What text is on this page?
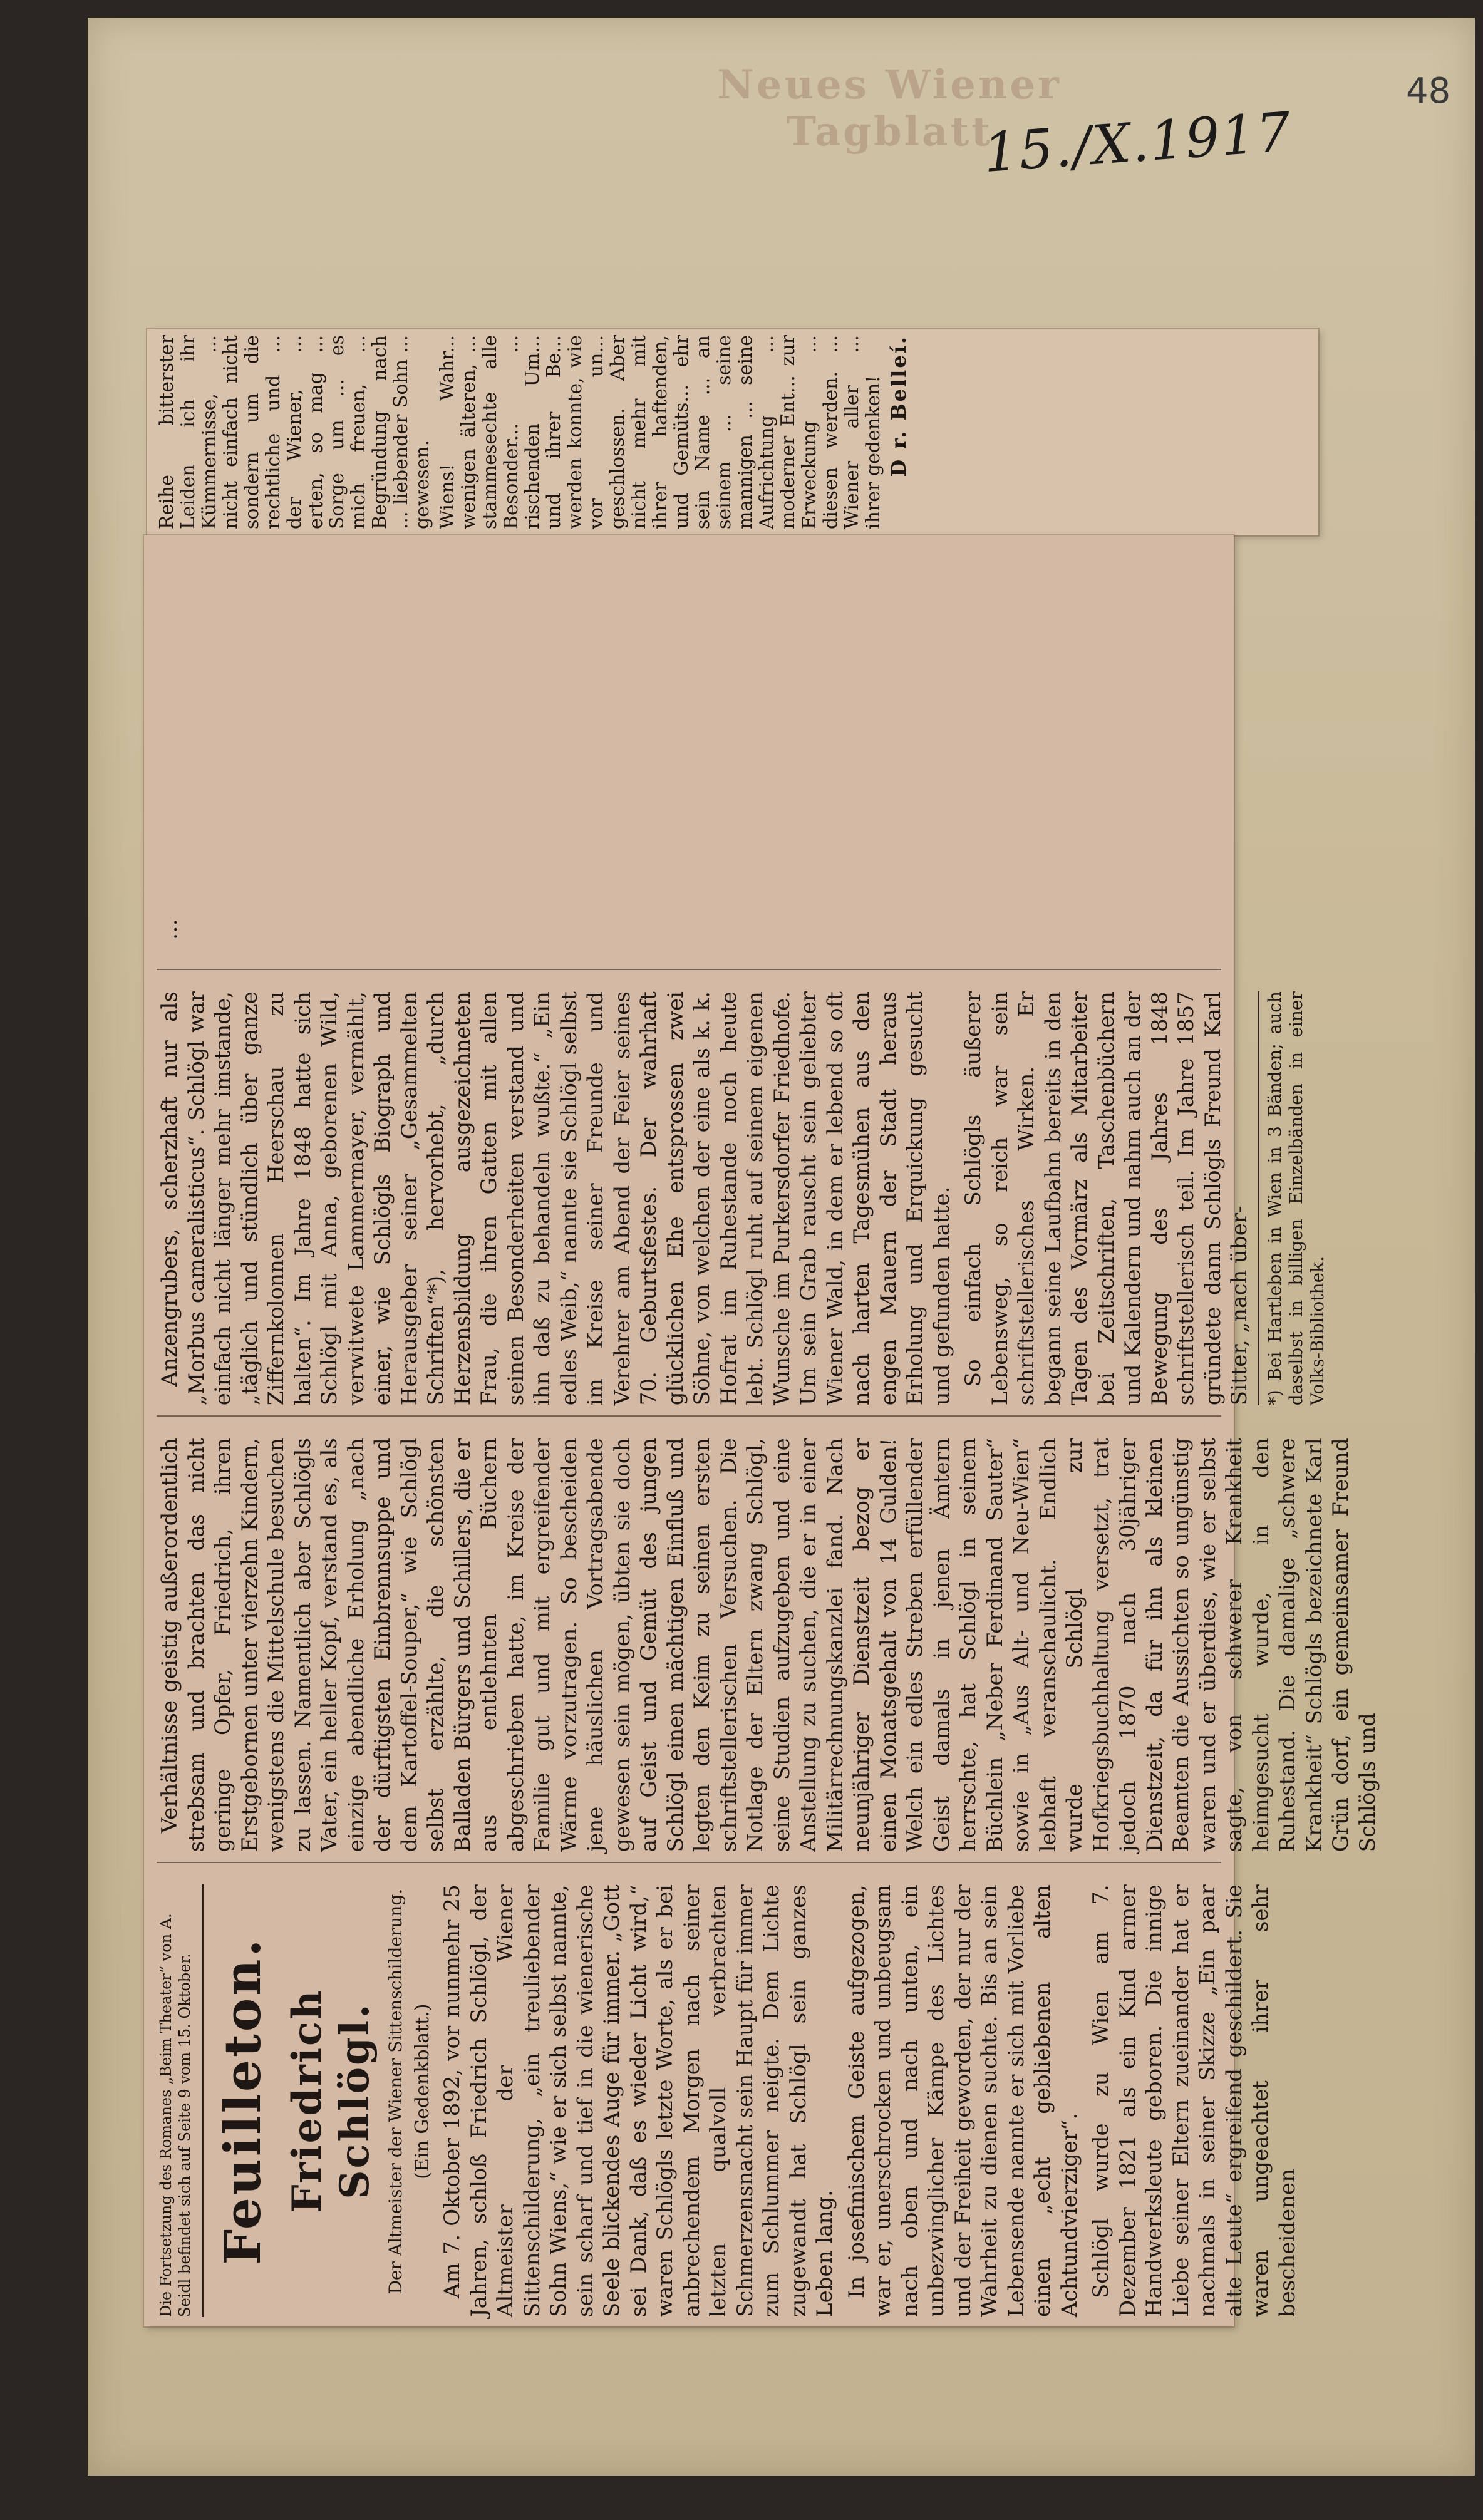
Neues Wiener Tagblatt
48
15./X.1917

Reihe bitterster Leiden ich ihr Kümmernisse, ... nicht einfach nicht sondern um die rechtliche und ... der Wiener, ... erten, so mag ... Sorge um ... es mich freuen, ... Begründung nach ... liebender Sohn ... gewesen. Wiens! Wahr... wenigen älteren, ... stammesechte alle Besonder... ... rischenden Um... und ihrer Be... werden konnte, wie vor un... geschlossen. Aber nicht mehr mit ihrer haftenden, und Gemüts... ehr sein Name ... an seinem ... seine mannigen ... seine Aufrichtung ... moderner Ent... zur Erweckung ... diesen werden. ... Wiener aller ... ihrer gedenken! D r. Belleí.

Die Fortsetzung des Romanes „Beim Theater“ von A. Seidl befindet sich auf Seite 9 vom 15. Oktober. Feuilleton. Friedrich Schlögl. Der Altmeister der Wiener Sittenschilderung. (Ein Gedenkblatt.) Am 7. Oktober 1892, vor nunmehr 25 Jahren, schloß Friedrich Schlögl, der Altmeister der Wiener Sittenschilderung, „ein treuliebender Sohn Wiens,“ wie er sich selbst nannte, sein scharf und tief in die wienerische Seele blickendes Auge für immer. „Gott sei Dank, daß es wieder Licht wird,“ waren Schlögls letzte Worte, als er bei anbrechendem Morgen nach seiner letzten qualvoll verbrachten Schmerzensnacht sein Haupt für immer zum Schlummer neigte. Dem Lichte zugewandt hat Schlögl sein ganzes Leben lang. In josefinischem Geiste aufgezogen, war er, unerschrocken und unbeugsam nach oben und nach unten, ein unbezwinglicher Kämpe des Lichtes und der Freiheit geworden, der nur der Wahrheit zu dienen suchte. Bis an sein Lebensende nannte er sich mit Vorliebe einen „echt gebliebenen alten Achtundvierziger“. Schlögl wurde zu Wien am 7. Dezember 1821 als ein Kind armer Handwerksleute geboren. Die innige Liebe seiner Eltern zueinander hat er nachmals in seiner Skizze „Ein paar alte Leute“ ergreifend geschildert. Sie waren ungeachtet ihrer sehr bescheidenen

Verhältnisse geistig außerordentlich strebsam und brachten das nicht geringe Opfer, Friedrich, ihren Erstgebornen unter vierzehn Kindern, wenigstens die Mittelschule besuchen zu lassen. Namentlich aber Schlögls Vater, ein heller Kopf, verstand es, als einzige abendliche Erholung „nach der dürftigsten Einbrennsuppe und dem Kartoffel-Souper,“ wie Schlögl selbst erzählte, die schönsten Balladen Bürgers und Schillers, die er aus entlehnten Büchern abgeschrieben hatte, im Kreise der Familie gut und mit ergreifender Wärme vorzutragen. So bescheiden jene häuslichen Vortragsabende gewesen sein mögen, übten sie doch auf Geist und Gemüt des jungen Schlögl einen mächtigen Einfluß und legten den Keim zu seinen ersten schriftstellerischen Versuchen. Die Notlage der Eltern zwang Schlögl, seine Studien aufzugeben und eine Anstellung zu suchen, die er in einer Militärrechnungskanzlei fand. Nach neunjähriger Dienstzeit bezog er einen Monatsgehalt von 14 Gulden! Welch ein edles Streben erfüllender Geist damals in jenen Ämtern herrschte, hat Schlögl in seinem Büchlein „Neber Ferdinand Sauter“ sowie in „Aus Alt- und Neu-Wien“ lebhaft veranschaulicht. Endlich wurde Schlögl zur Hofkriegsbuchhaltung versetzt, trat jedoch 1870 nach 30jähriger Dienstzeit, da für ihn als kleinen Beamten die Aussichten so ungünstig waren und er überdies, wie er selbst sagte, von schwerer Krankheit heimgesucht wurde, in den Ruhestand. Die damalige „schwere Krankheit“ Schlögls bezeichnete Karl Grün dorf, ein gemeinsamer Freund Schlögls und

Anzengrubers, scherzhaft nur als „Morbus cameralisticus“. Schlögl war einfach nicht länger mehr imstande, „täglich und stündlich über ganze Ziffernkolonnen Heerschau zu halten“. Im Jahre 1848 hatte sich Schlögl mit Anna, geborenen Wild, verwitwete Lammermayer, vermählt, einer, wie Schlögls Biograph und Herausgeber seiner „Gesammelten Schriften“*), hervorhebt, „durch Herzensbildung ausgezeichneten Frau, die ihren Gatten mit allen seinen Besonderheiten verstand und ihn daß zu behandeln wußte.“ „Ein edles Weib,“ nannte sie Schlögl selbst im Kreise seiner Freunde und Verehrer am Abend der Feier seines 70. Geburtsfestes. Der wahrhaft glücklichen Ehe entsprossen zwei Söhne, von welchen der eine als k. k. Hofrat im Ruhestande noch heute lebt. Schlögl ruht auf seinem eigenen Wunsche im Purkersdorfer Friedhofe. Um sein Grab rauscht sein geliebter Wiener Wald, in dem er lebend so oft nach harten Tagesmühen aus den engen Mauern der Stadt heraus Erholung und Erquickung gesucht und gefunden hatte. So einfach Schlögls äußerer Lebensweg, so reich war sein schriftstellerisches Wirken. Er begann seine Laufbahn bereits in den Tagen des Vormärz als Mitarbeiter bei Zeitschriften, Taschenbüchern und Kalendern und nahm auch an der Bewegung des Jahres 1848 schriftstellerisch teil. Im Jahre 1857 gründete dann Schlögls Freund Karl Sitter, „nach über- *) Bei Hartleben in Wien in 3 Bänden; auch daselbst in billigen Einzelbänden in einer Volks-Bibliothek.

…
